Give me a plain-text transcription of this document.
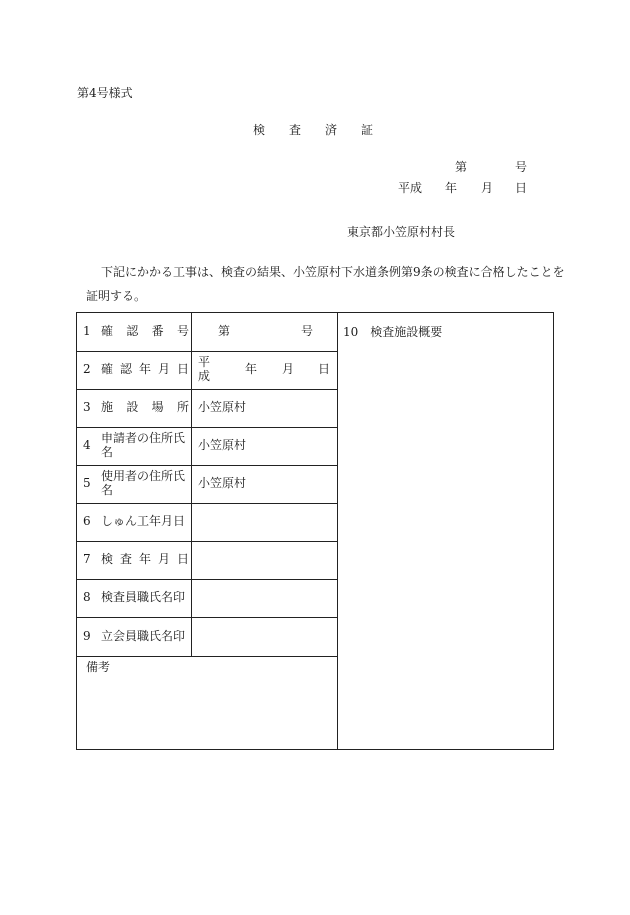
第4号様式
検 査 済 証
第	号
平成 年 月 日
東京都小笠原村村長
下記にかかる工事は、検査の結果、小笠原村下水道条例第9条の検査に合格したことを
証明する。
1 確 認 番 号 第	号
2 確 認 年 月 日 平成	年 月 日
3 施 設 場 所 小笠原村
4 申請者の住所氏名	小笠原村
5 使用者の住所氏名	小笠原村
6 しゅん工年月日
7 検 査 年 月 日
8 検査員職氏名印
9 立会員職氏名印
備考
10　検査施設概要
